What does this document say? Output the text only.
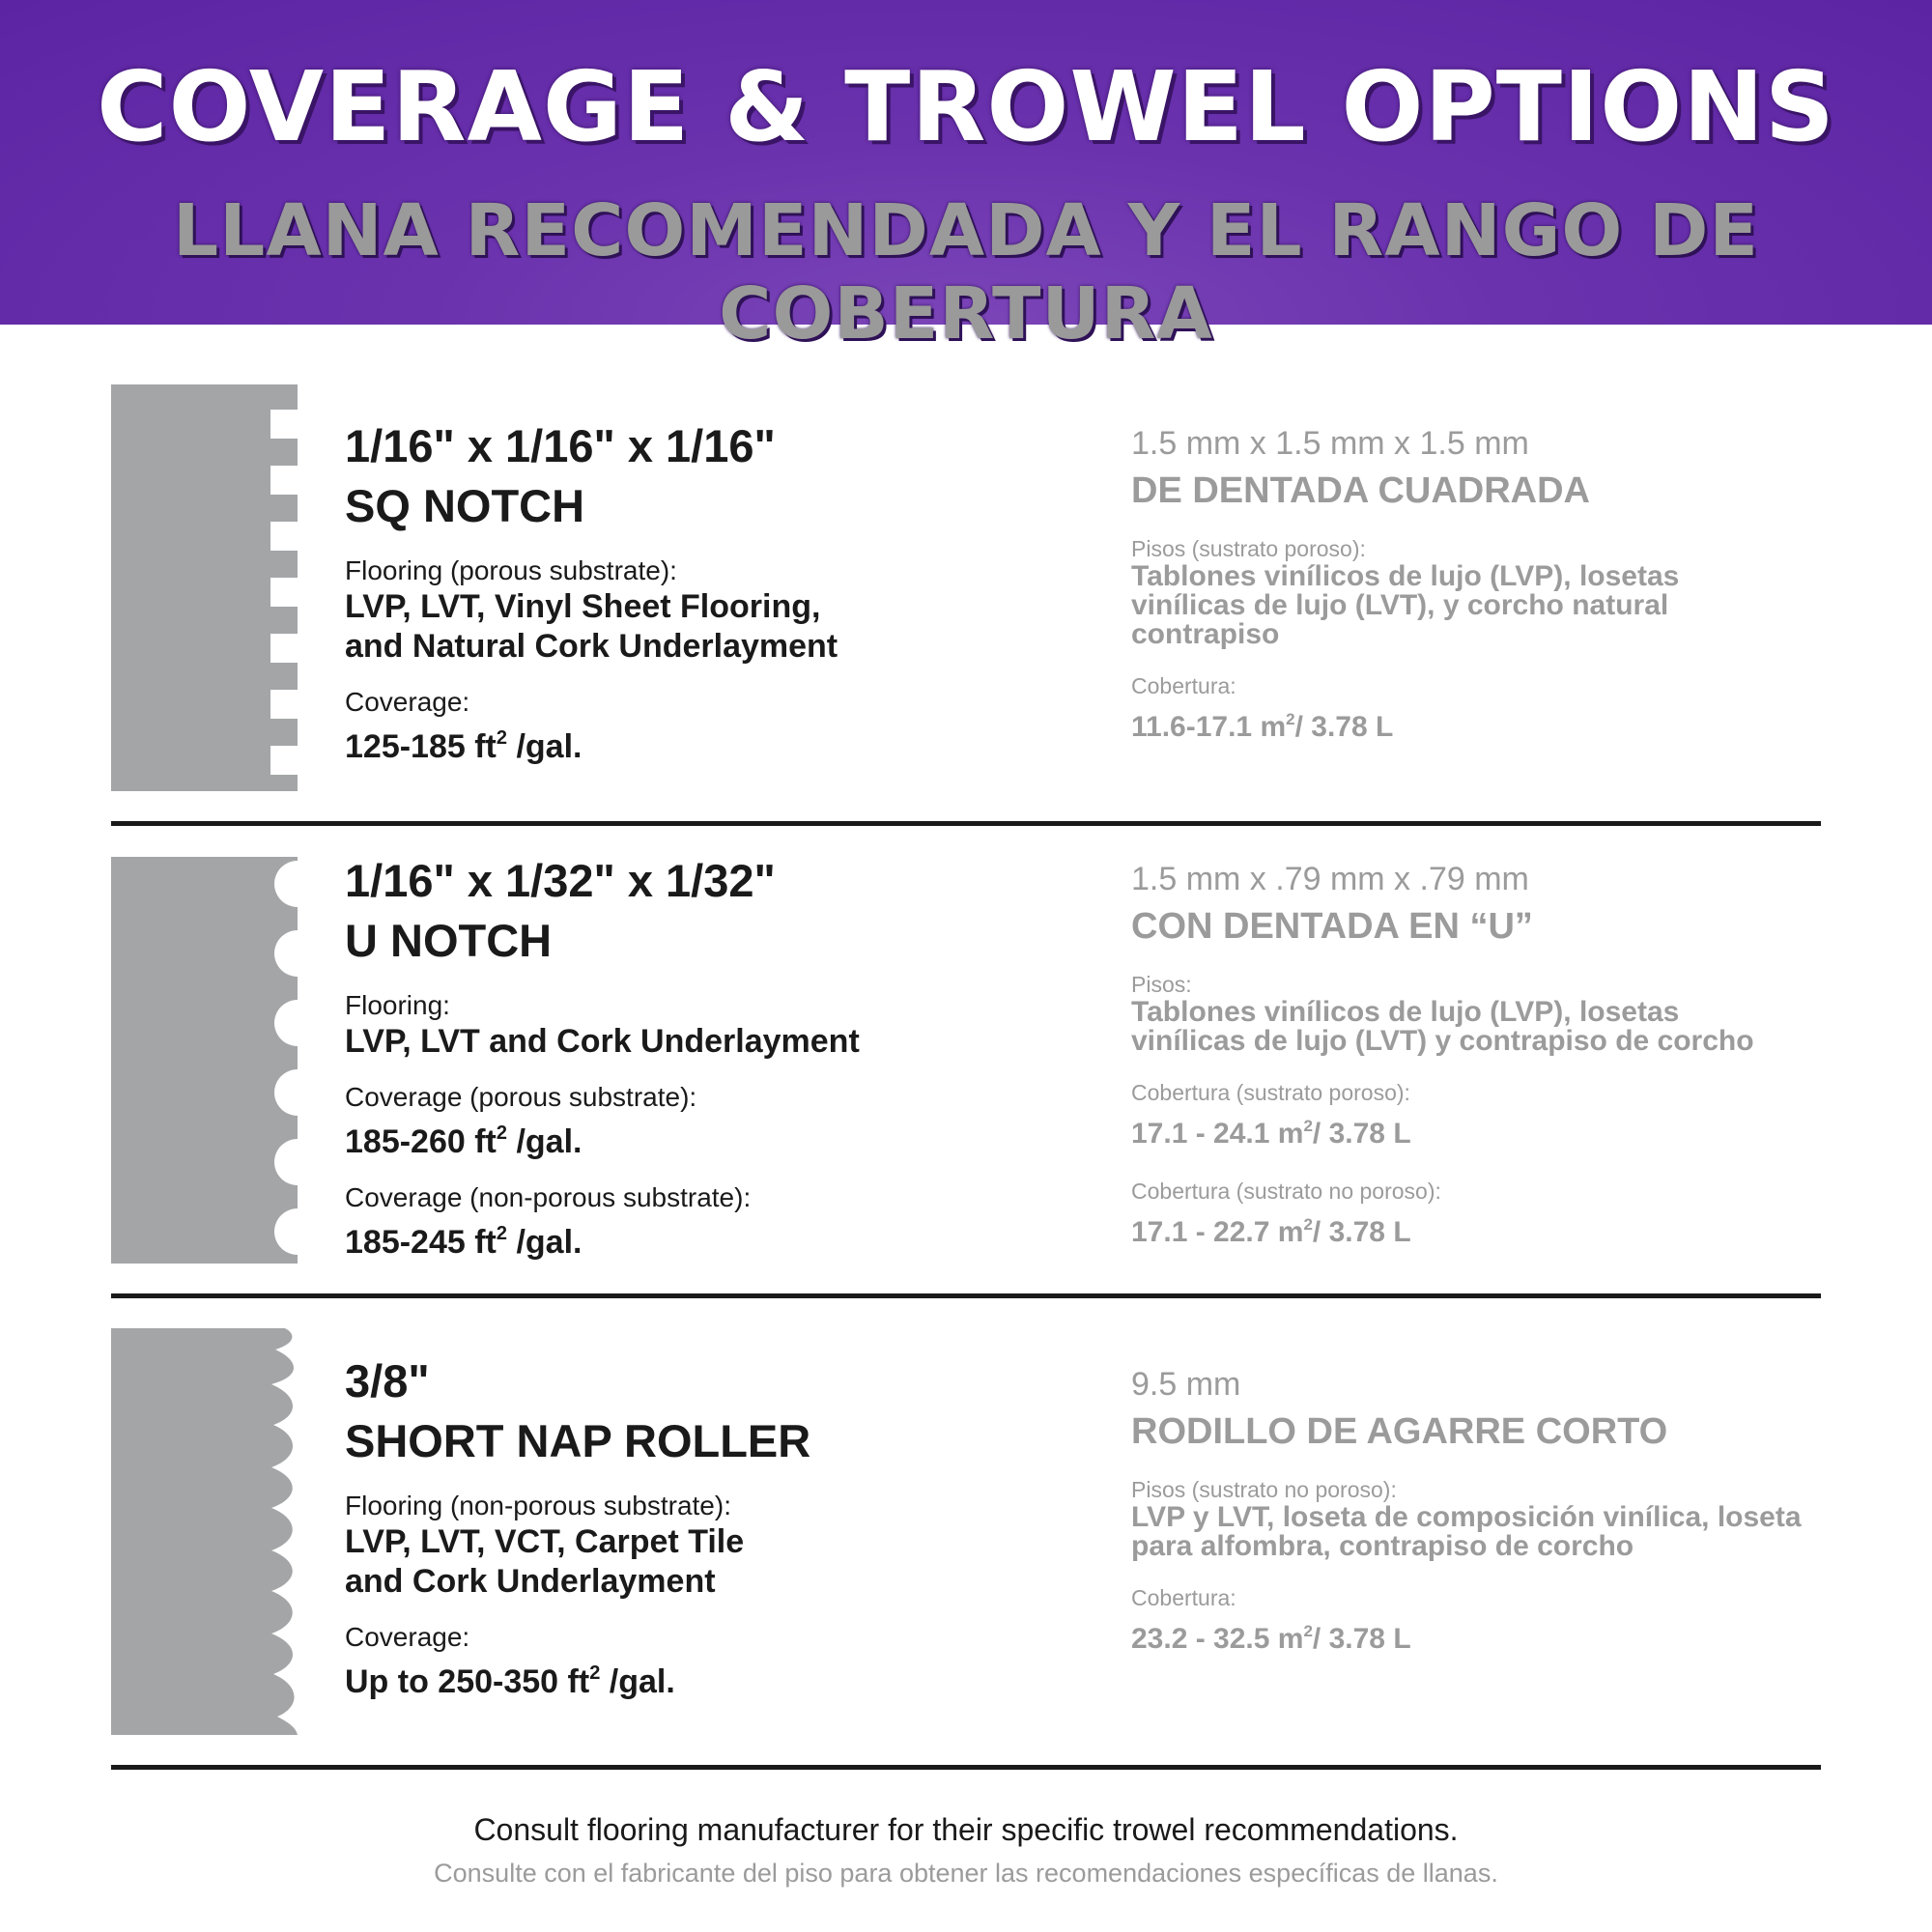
COVERAGE & TROWEL OPTIONS
LLANA RECOMENDADA Y EL RANGO DE COBERTURA
1/16" x 1/16" x 1/16"
SQ NOTCH
Flooring (porous substrate):
LVP, LVT, Vinyl Sheet Flooring,
and Natural Cork Underlayment
Coverage:
125-185 $ft^2$ /gal.
1.5 mm x 1.5 mm x 1.5 mm
DE DENTADA CUADRADA
Pisos (sustrato poroso):
Tablones vinílicos de lujo (LVP), losetas
vinílicas de lujo (LVT), y corcho natural
contrapiso
Cobertura:
11.6-17.1 $m^2/$ 3.78 L
1/16" x 1/32" x 1/32"
U NOTCH
Flooring:
LVP, LVT and Cork Underlayment
Coverage (porous substrate):
185-260 $ft^2$ /gal.
Coverage (non-porous substrate):
185-245 $ft^2$ /gal.
1.5 mm x .79 mm x .79 mm
CON DENTADA EN “U”
Pisos:
Tablones vinílicos de lujo (LVP), losetas
vinílicas de lujo (LVT) y contrapiso de corcho
Cobertura (sustrato poroso):
17.1 - 24.1 $m^2/$ 3.78 L
Cobertura (sustrato no poroso):
17.1 - 22.7 $m^2/$ 3.78 L
3/8"
SHORT NAP ROLLER
Flooring (non-porous substrate):
LVP, LVT, VCT, Carpet Tile
and Cork Underlayment
Coverage:
Up to 250-350 $ft^2$ /gal.
9.5 mm
RODILLO DE AGARRE CORTO
Pisos (sustrato no poroso):
LVP y LVT, loseta de composición vinílica, loseta
para alfombra, contrapiso de corcho
Cobertura:
23.2 - 32.5 $m^2/$ 3.78 L
Consult flooring manufacturer for their specific trowel recommendations.
Consulte con el fabricante del piso para obtener las recomendaciones específicas de llanas.
